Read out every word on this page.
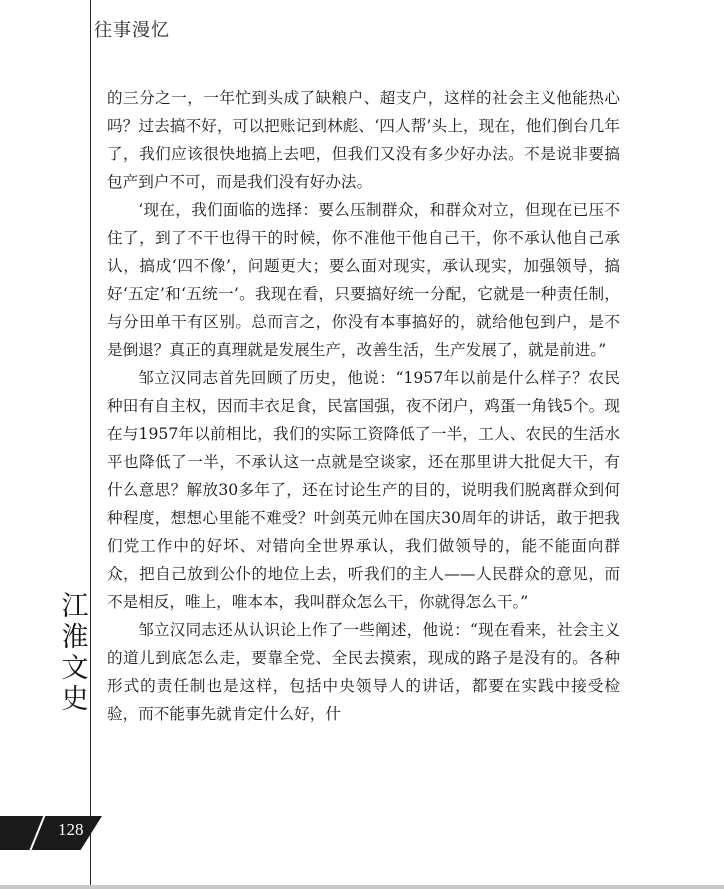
往事漫忆
江
淮
文
史

的三分之一，一年忙到头成了缺粮户、超支户，这样的社会主义他能热心吗？过去搞不好，可以把账记到林彪、‘四人帮’头上，现在，他们倒台几年了，我们应该很快地搞上去吧，但我们又没有多少好办法。不是说非要搞包产到户不可，而是我们没有好办法。

‘现在，我们面临的选择：要么压制群众，和群众对立，但现在已压不住了，到了不干也得干的时候，你不准他干他自己干，你不承认他自己承认，搞成‘四不像’，问题更大；要么面对现实，承认现实，加强领导，搞好‘五定’和‘五统一’。我现在看，只要搞好统一分配，它就是一种责任制，与分田单干有区别。总而言之，你没有本事搞好的，就给他包到户，是不是倒退？真正的真理就是发展生产，改善生活，生产发展了，就是前进。”

邹立汉同志首先回顾了历史，他说：“1957年以前是什么样子？农民种田有自主权，因而丰衣足食，民富国强，夜不闭户，鸡蛋一角钱5个。现在与1957年以前相比，我们的实际工资降低了一半，工人、农民的生活水平也降低了一半，不承认这一点就是空谈家，还在那里讲大批促大干，有什么意思？解放30多年了，还在讨论生产的目的，说明我们脱离群众到何种程度，想想心里能不难受？叶剑英元帅在国庆30周年的讲话，敢于把我们党工作中的好坏、对错向全世界承认，我们做领导的，能不能面向群众，把自己放到公仆的地位上去，听我们的主人——人民群众的意见，而不是相反，唯上，唯本本，我叫群众怎么干，你就得怎么干。”

邹立汉同志还从认识论上作了一些阐述，他说：“现在看来，社会主义的道儿到底怎么走，要靠全党、全民去摸索，现成的路子是没有的。各种形式的责任制也是这样，包括中央领导人的讲话，都要在实践中接受检验，而不能事先就肯定什么好，什

128
